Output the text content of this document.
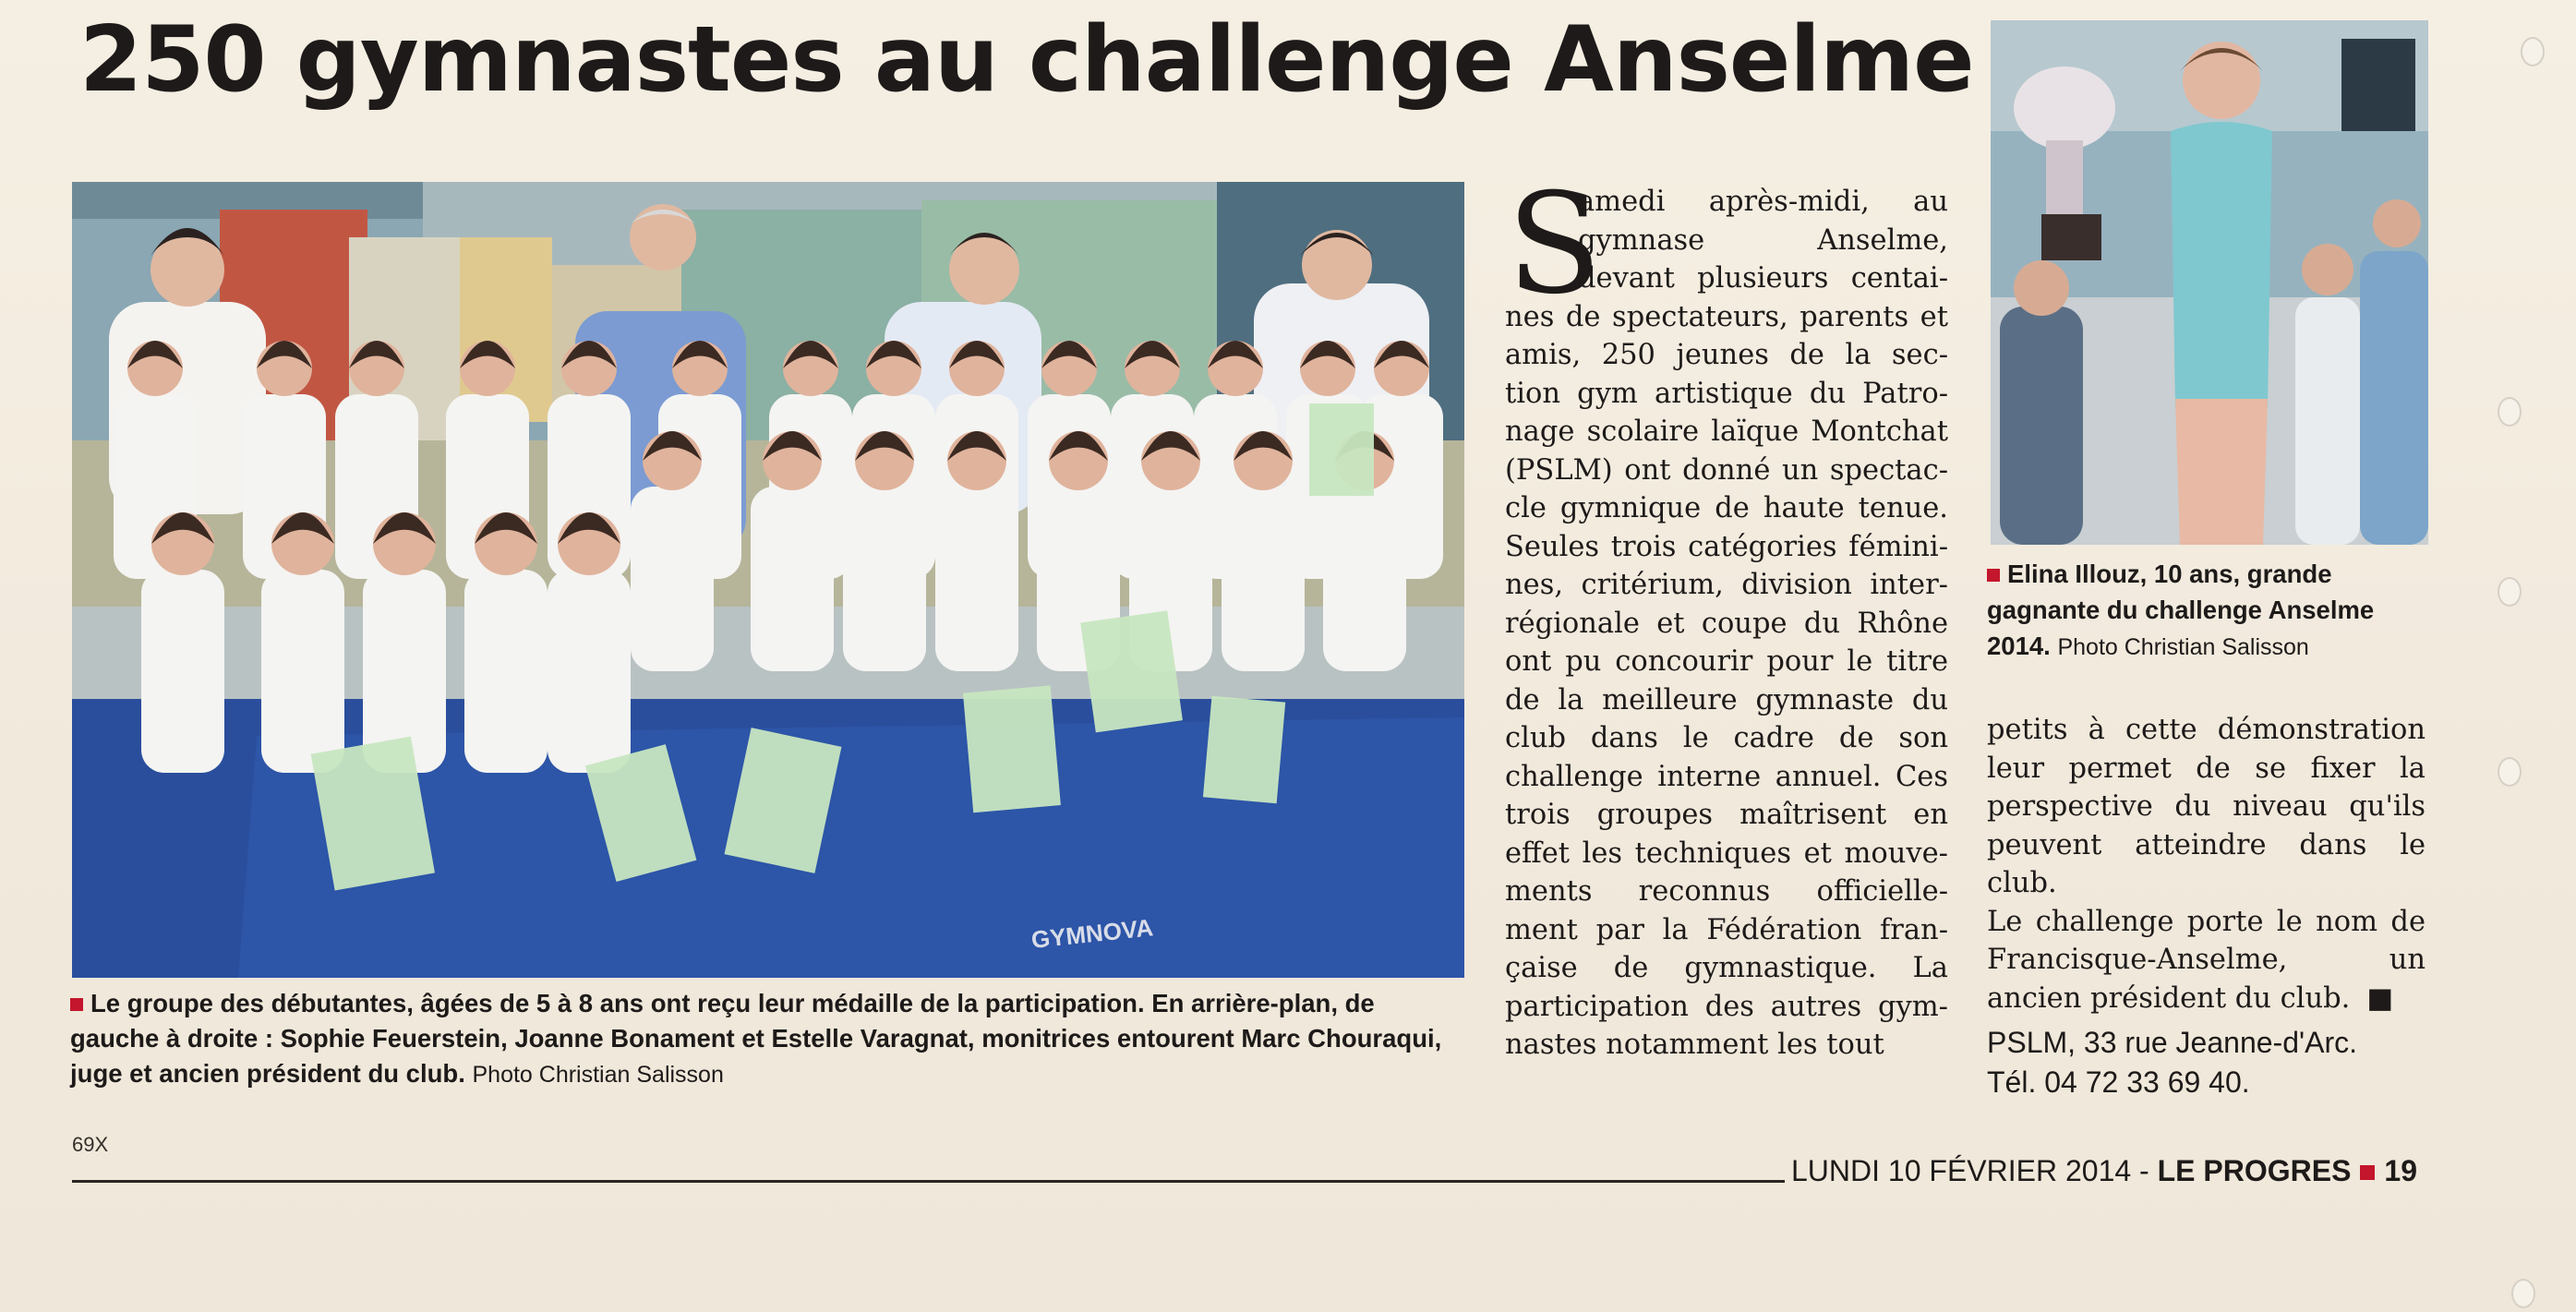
250 gymnastes au challenge Anselme
GYMNOVA
Le groupe des débutantes, âgées de 5 à 8 ans ont reçu leur médaille de la participation. En arrière-plan, de
gauche à droite : Sophie Feuerstein, Joanne Bonament et Estelle Varagnat, monitrices entourent Marc Chouraqui,
juge et ancien président du club. Photo Christian Salisson
S
amedi après-midi, au
gymnase Anselme,
devant plusieurs centai-
nes de spectateurs, parents et
amis, 250 jeunes de la sec-
tion gym artistique du Patro-
nage scolaire laïque Montchat
(PSLM) ont donné un spectac-
cle gymnique de haute tenue.
Seules trois catégories fémini-
nes, critérium, division inter-
régionale et coupe du Rhône
ont pu concourir pour le titre
de la meilleure gymnaste du
club dans le cadre de son
challenge interne annuel. Ces
trois groupes maîtrisent en
effet les techniques et mouve-
ments reconnus officielle-
ment par la Fédération fran-
çaise de gymnastique. La
participation des autres gym-
nastes notamment les tout
Elina Illouz, 10 ans, grande
gagnante du challenge Anselme
2014. Photo Christian Salisson
petits à cette démonstration
leur permet de se fixer la
perspective du niveau qu'ils
peuvent atteindre dans le
club.
Le challenge porte le nom de
Francisque-Anselme, un
ancien président du club. ■
PSLM, 33 rue Jeanne-d'Arc.
Tél. 04 72 33 69 40.
69X
LUNDI 10 FÉVRIER 2014 - LE PROGRES 19
